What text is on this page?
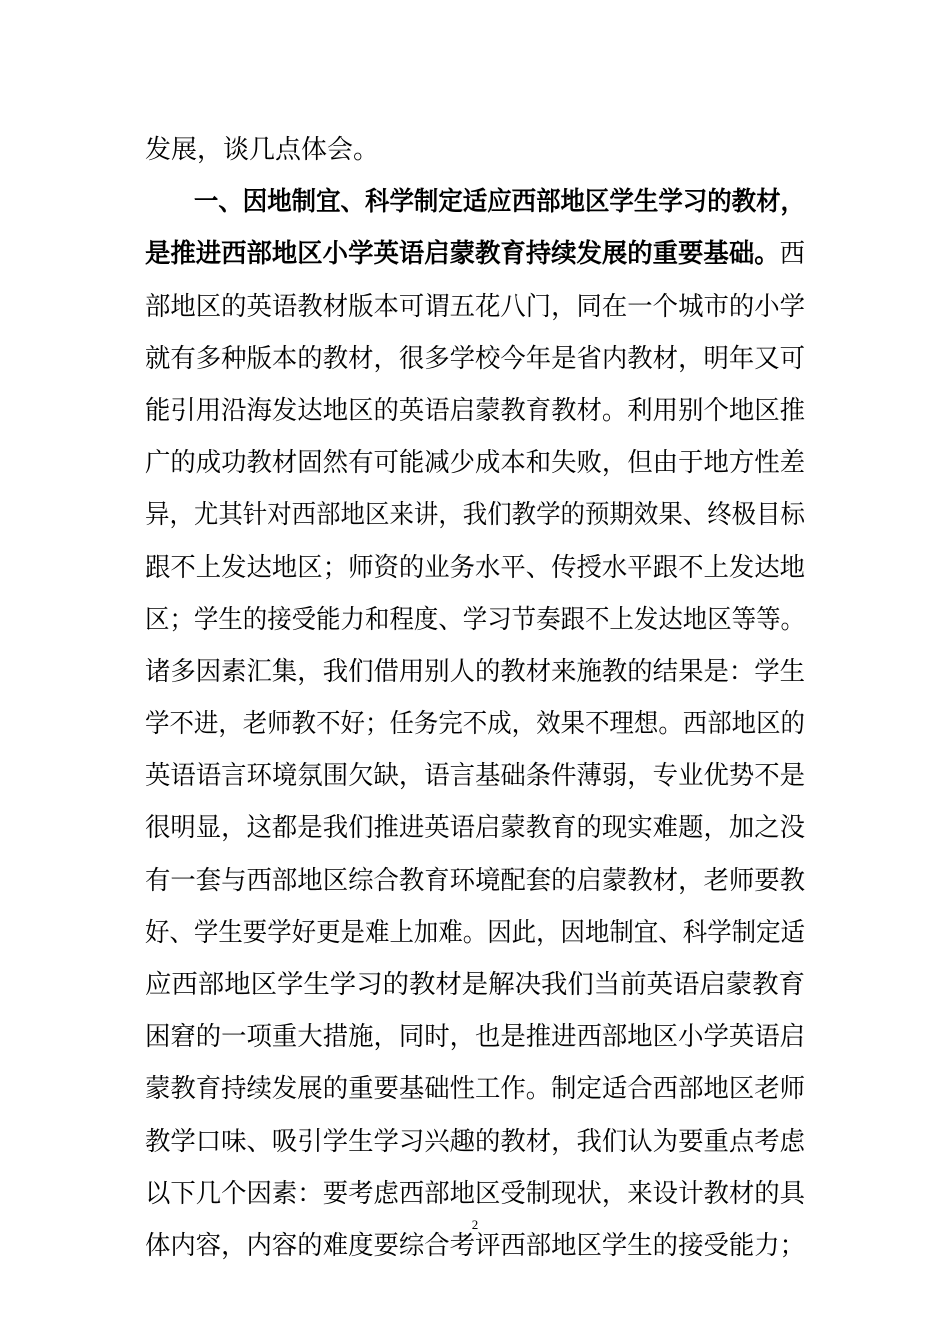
发展，谈几点体会。
　　一、因地制宜、科学制定适应西部地区学生学习的教材，
是推进西部地区小学英语启蒙教育持续发展的重要基础。西
部地区的英语教材版本可谓五花八门，同在一个城市的小学
就有多种版本的教材，很多学校今年是省内教材，明年又可
能引用沿海发达地区的英语启蒙教育教材。利用别个地区推
广的成功教材固然有可能减少成本和失败，但由于地方性差
异，尤其针对西部地区来讲，我们教学的预期效果、终极目标
跟不上发达地区；师资的业务水平、传授水平跟不上发达地
区；学生的接受能力和程度、学习节奏跟不上发达地区等等。
诸多因素汇集，我们借用别人的教材来施教的结果是：学生
学不进，老师教不好；任务完不成，效果不理想。西部地区的
英语语言环境氛围欠缺，语言基础条件薄弱，专业优势不是
很明显，这都是我们推进英语启蒙教育的现实难题，加之没
有一套与西部地区综合教育环境配套的启蒙教材，老师要教
好、学生要学好更是难上加难。因此，因地制宜、科学制定适
应西部地区学生学习的教材是解决我们当前英语启蒙教育
困窘的一项重大措施，同时，也是推进西部地区小学英语启
蒙教育持续发展的重要基础性工作。制定适合西部地区老师
教学口味、吸引学生学习兴趣的教材，我们认为要重点考虑
以下几个因素：要考虑西部地区受制现状，来设计教材的具
体内容，内容的难度要综合考评西部地区学生的接受能力；
2
